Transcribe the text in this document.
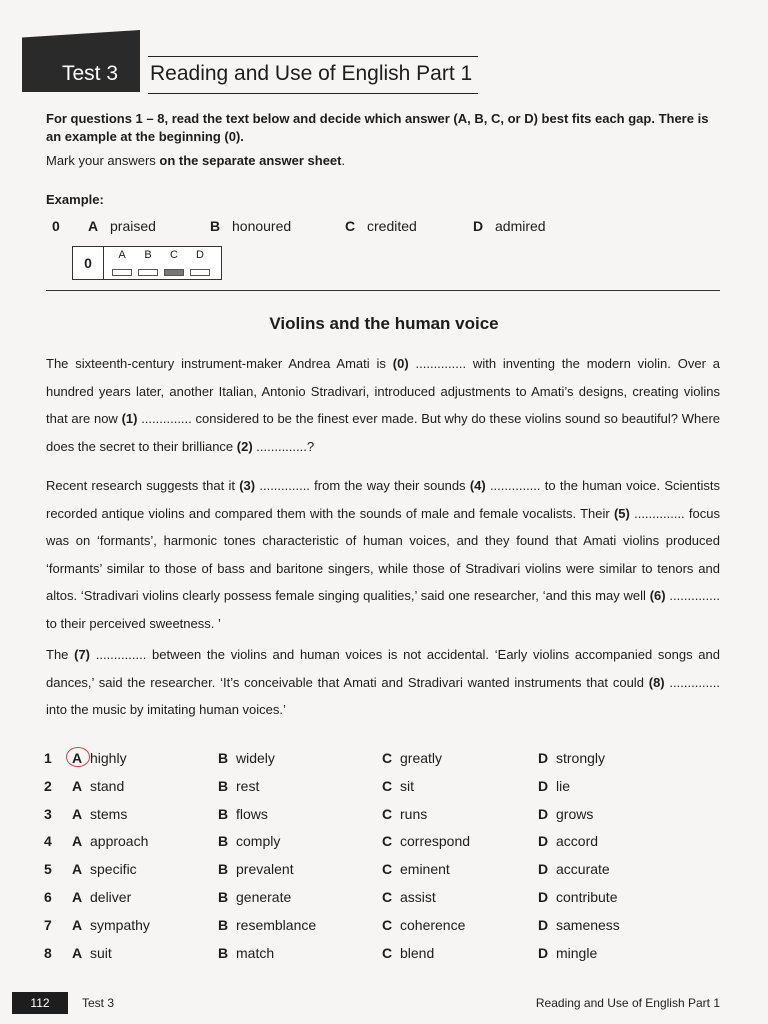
Test 3 Reading and Use of English Part 1
For questions 1 – 8, read the text below and decide which answer (A, B, C, or D) best fits each gap. There is an example at the beginning (0).
Mark your answers on the separate answer sheet.
Example:
0 A praised	B honoured	C credited	D admired
0	A	B	C	D
Violins and the human voice
The sixteenth-century instrument-maker Andrea Amati is (0) .............. with inventing the modern violin. Over a hundred years later, another Italian, Antonio Stradivari, introduced adjustments to Amati’s designs, creating violins that are now (1) .............. considered to be the finest ever made. But why do these violins sound so beautiful? Where does the secret to their brilliance (2) ..............?
Recent research suggests that it (3) .............. from the way their sounds (4) .............. to the human voice. Scientists recorded antique violins and compared them with the sounds of male and female vocalists. Their (5) .............. focus was on ‘formants’, harmonic tones characteristic of human voices, and they found that Amati violins produced ‘formants’ similar to those of bass and baritone singers, while those of Stradivari violins were similar to tenors and altos. ‘Stradivari violins clearly possess female singing qualities,’ said one researcher, ‘and this may well (6) .............. to their perceived sweetness. ’
The (7) .............. between the violins and human voices is not accidental. ‘Early violins accompanied songs and dances,’ said the researcher. ‘It’s conceivable that Amati and Stradivari wanted instruments that could (8) .............. into the music by imitating human voices.’
1 A highly	B widely	C greatly	D strongly
2 A stand	B rest	C sit	D lie
3 A stems	B flows	C runs	D grows
4 A approach	B comply	C correspond	D accord
5 A specific	B prevalent	C eminent	D accurate
6 A deliver	B generate	C assist	D contribute
7 A sympathy	B resemblance	C coherence	D sameness
8 A suit	B match	C blend	D mingle
112	Test 3	Reading and Use of English Part 1
